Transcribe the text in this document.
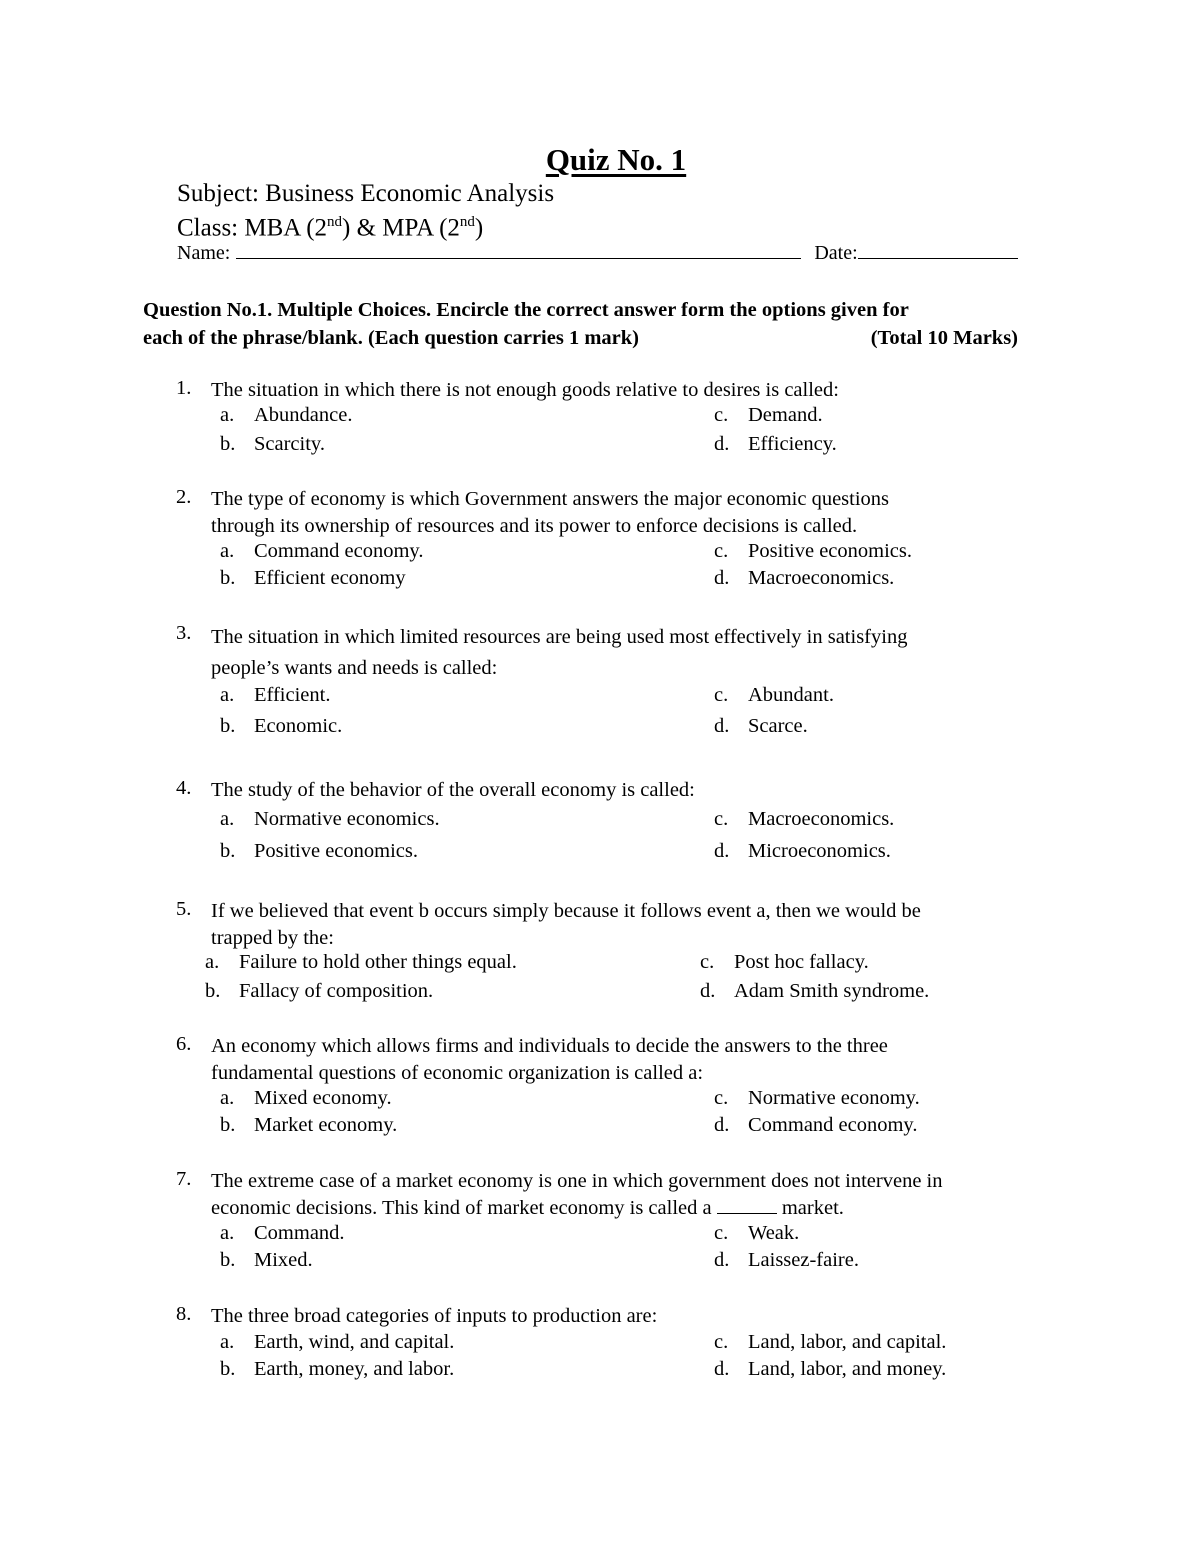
Quiz No. 1
Subject: Business Economic Analysis
Class: MBA (2nd) & MPA (2nd)
Name:	Date:
Question No.1. Multiple Choices. Encircle the correct answer form the options given for
each of the phrase/blank. (Each question carries 1 mark)	(Total 10 Marks)
1. The situation in which there is not enough goods relative to desires is called:
a. Abundance.
b. Scarcity.
c. Demand.
d. Efficiency.
2. The type of economy is which Government answers the major economic questions
through its ownership of resources and its power to enforce decisions is called.
a. Command economy.
b. Efficient economy
c. Positive economics.
d. Macroeconomics.
3. The situation in which limited resources are being used most effectively in satisfying
people’s wants and needs is called:
a. Efficient.
b. Economic.
c. Abundant.
d. Scarce.
4. The study of the behavior of the overall economy is called:
a. Normative economics.
b. Positive economics.
c. Macroeconomics.
d. Microeconomics.
5. If we believed that event b occurs simply because it follows event a, then we would be
trapped by the:
a. Failure to hold other things equal.
b. Fallacy of composition.
c. Post hoc fallacy.
d. Adam Smith syndrome.
6. An economy which allows firms and individuals to decide the answers to the three
fundamental questions of economic organization is called a:
a. Mixed economy.
b. Market economy.
c. Normative economy.
d. Command economy.
7. The extreme case of a market economy is one in which government does not intervene in
economic decisions. This kind of market economy is called a	market.
a. Command.
b. Mixed.
c. Weak.
d. Laissez-faire.
8. The three broad categories of inputs to production are:
a. Earth, wind, and capital.
b. Earth, money, and labor.
c. Land, labor, and capital.
d. Land, labor, and money.
